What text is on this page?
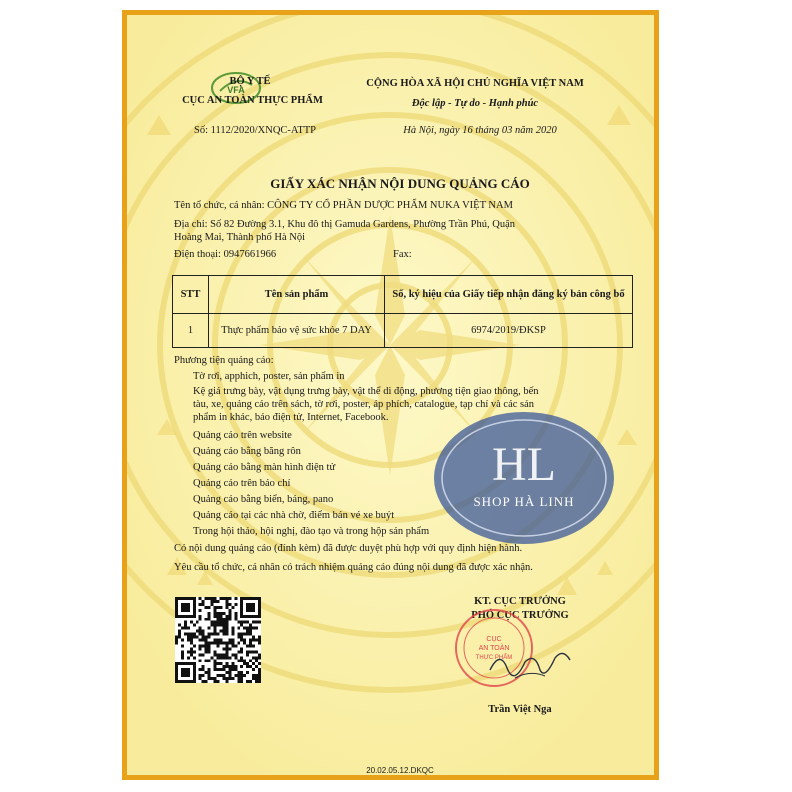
VFA
BỘ Y TẾ
CỤC AN TOÀN THỰC PHẨM
Số: 1112/2020/XNQC-ATTP
CỘNG HÒA XÃ HỘI CHỦ NGHĨA VIỆT NAM
Độc lập - Tự do - Hạnh phúc
Hà Nội, ngày 16 tháng 03 năm 2020
GIẤY XÁC NHẬN NỘI DUNG QUẢNG CÁO
Tên tổ chức, cá nhân: CÔNG TY CỔ PHẦN DƯỢC PHẨM NUKA VIỆT NAM
Địa chỉ: Số 82 Đường 3.1, Khu đô thị Gamuda Gardens, Phường Trần Phú, Quận
Hoàng Mai, Thành phố Hà Nội
Điện thoại: 0947661966	Fax:
STT	Tên sản phẩm	Số, ký hiệu của Giấy tiếp nhận đăng ký bản công bố
1	Thực phẩm bảo vệ sức khỏe 7 DAY	6974/2019/ĐKSP
Phương tiện quảng cáo:
Tờ rơi, apphich, poster, sản phẩm in
Kệ giá trưng bày, vật dụng trưng bày, vật thể di động, phương tiện giao thông, bến
tàu, xe, quảng cáo trên sách, tờ rơi, poster, áp phích, catalogue, tạp chí và các sản
phẩm in khác, báo điện tử, Internet, Facebook.
Quảng cáo trên website
Quảng cáo bằng băng rôn
Quảng cáo bằng màn hình điện tử
Quảng cáo trên báo chí
Quảng cáo bằng biển, bảng, pano
Quảng cáo tại các nhà chờ, điểm bán vé xe buýt
Trong hội thảo, hội nghị, đào tạo và trong hộp sản phẩm
Có nội dung quảng cáo (đính kèm) đã được duyệt phù hợp với quy định hiện hành.
Yêu cầu tổ chức, cá nhân có trách nhiệm quảng cáo đúng nội dung đã được xác nhận.
HL
SHOP HÀ LINH
KT. CỤC TRƯỞNG
PHÓ CỤC TRƯỞNG
CỤC
AN TOÀN
THỰC PHẨM
Trần Việt Nga
20.02.05.12.DKQC
